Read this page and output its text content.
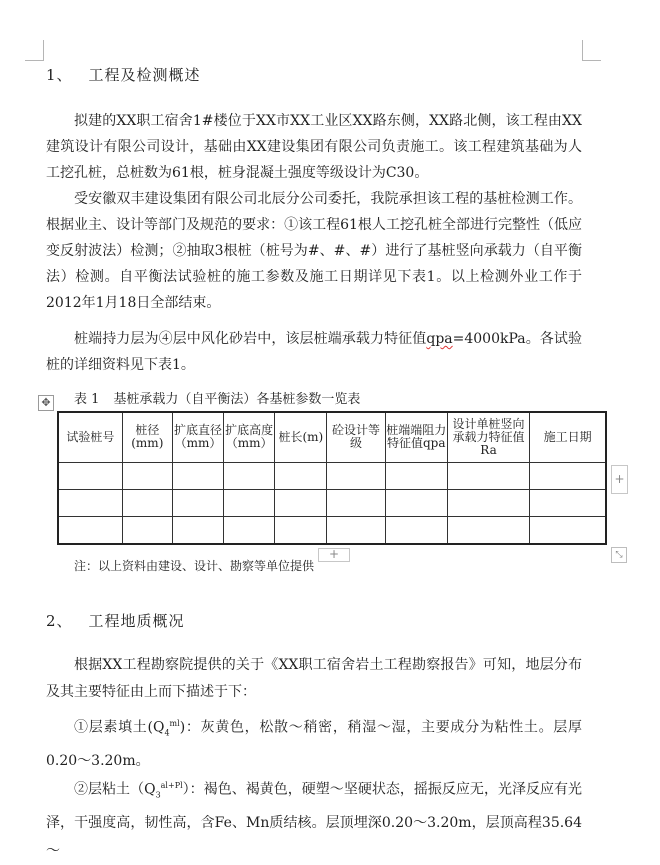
1、 工程及检测概述

拟建的XX职工宿舍1#楼位于XX市XX工业区XX路东侧，XX路北侧，该工程由XX建筑设计有限公司设计，基础由XX建设集团有限公司负责施工。该工程建筑基础为人工挖孔桩，总桩数为61根，桩身混凝土强度等级设计为C30。

受安徽双丰建设集团有限公司北辰分公司委托，我院承担该工程的基桩检测工作。根据业主、设计等部门及规范的要求：①该工程61根人工挖孔桩全部进行完整性（低应变反射波法）检测；②抽取3根桩（桩号为#、#、#）进行了基桩竖向承载力（自平衡法）检测。自平衡法试验桩的施工参数及施工日期详见下表1。以上检测外业工作于2012年1月18日全部结束。

桩端持力层为④层中风化砂岩中，该层桩端承载力特征值qpa=4000kPa。各试验桩的详细资料见下表1。

✥ 表 1 基桩承载力（自平衡法）各基桩参数一览表
试验桩号	桩径(mm)	扩底直径（mm）	扩底高度（mm）	桩长(m)	砼设计等级	桩端端阻力特征值qpa	设计单桩竖向承载力特征值Ra	施工日期

+
+	⤡
注：以上资料由建设、设计、勘察等单位提供
2、 工程地质概况

根据XX工程勘察院提供的关于《XX职工宿舍岩土工程勘察报告》可知，地层分布及其主要特征由上而下描述于下：

①层素填土$(Q_4^{ml})$：灰黄色，松散～稍密，稍湿～湿，主要成分为粘性土。层厚0.20～3.20m。

②层粘土$(Q_3^{al+Pl})$：褐色、褐黄色，硬塑～坚硬状态，摇振反应无，光泽反应有光泽，干强度高，韧性高，含Fe、Mn质结核。层顶埋深0.20～3.20m，层顶高程35.64～
